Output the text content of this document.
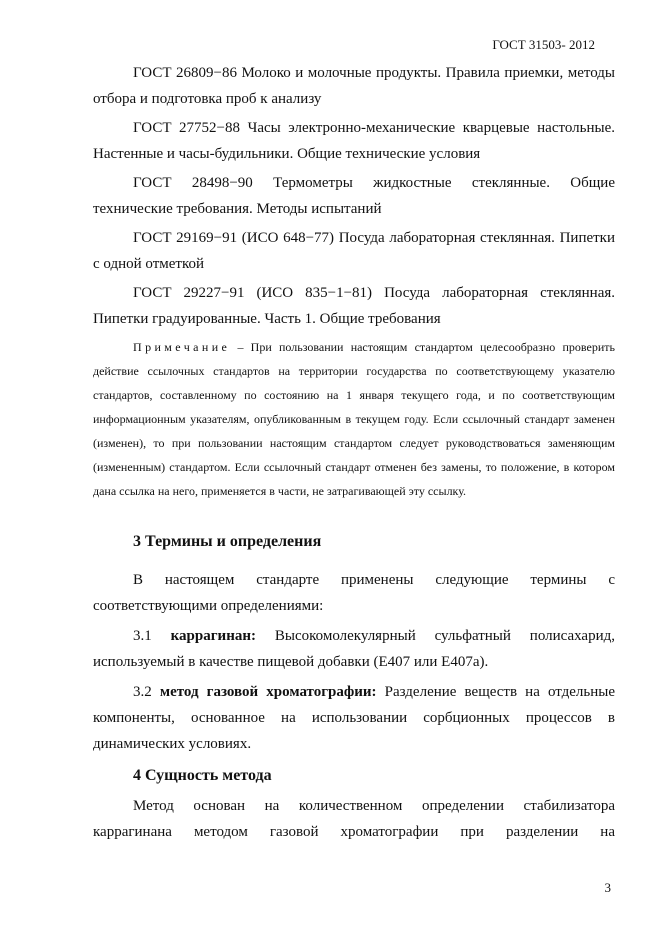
ГОСТ 31503- 2012

ГОСТ 26809−86 Молоко и молочные продукты. Правила приемки, методы отбора и подготовка проб к анализу

ГОСТ 27752−88 Часы электронно-механические кварцевые настольные. Настенные и часы-будильники. Общие технические условия

ГОСТ 28498−90 Термометры жидкостные стеклянные. Общие технические требования. Методы испытаний

ГОСТ 29169−91 (ИСО 648−77) Посуда лабораторная стеклянная. Пипетки с одной отметкой

ГОСТ 29227−91 (ИСО 835−1−81) Посуда лабораторная стеклянная. Пипетки градуированные. Часть 1. Общие требования

Примечание – При пользовании настоящим стандартом целесообразно проверить действие ссылочных стандартов на территории государства по соответствующему указателю стандартов, составленному по состоянию на 1 января текущего года, и по соответствующим информационным указателям, опубликованным в текущем году. Если ссылочный стандарт заменен (изменен), то при пользовании настоящим стандартом следует руководствоваться заменяющим (измененным) стандартом. Если ссылочный стандарт отменен без замены, то положение, в котором дана ссылка на него, применяется в части, не затрагивающей эту ссылку.

3 Термины и определения

В настоящем стандарте применены следующие термины с соответствующими определениями:

3.1 каррагинан: Высокомолекулярный сульфатный полисахарид, используемый в качестве пищевой добавки (Е407 или Е407а).

3.2 метод газовой хроматографии: Разделение веществ на отдельные компоненты, основанное на использовании сорбционных процессов в динамических условиях.

4 Сущность метода

Метод основан на количественном определении стабилизатора каррагинана методом газовой хроматографии при разделении на

3
